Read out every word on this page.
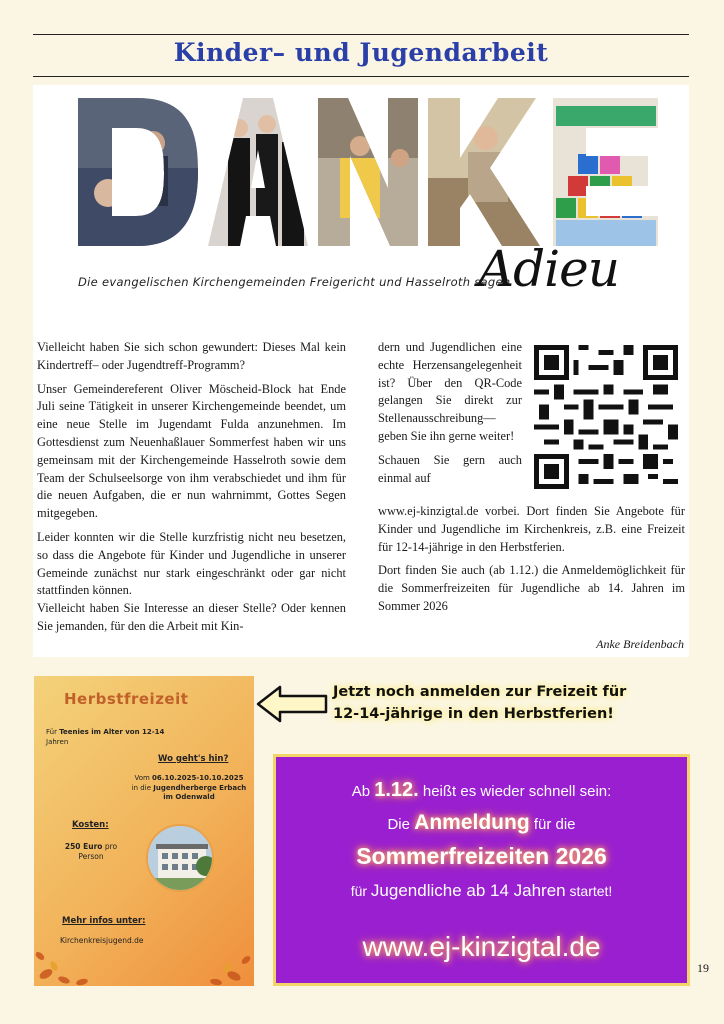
Kinder– und Jugendarbeit
Die evangelischen Kirchengemeinden Freigericht und Hasselroth sagen
Adieu

Vielleicht haben Sie sich schon gewundert: Dieses Mal kein Kindertreff– oder Jugendtreff-Programm?

Unser Gemeindereferent Oliver Möscheid-Block hat Ende Juli seine Tätigkeit in unserer Kirchengemeinde beendet, um eine neue Stelle im Jugendamt Fulda anzunehmen. Im Gottesdienst zum Neuenhaßlauer Sommerfest haben wir uns gemeinsam mit der Kirchengemeinde Hasselroth sowie dem Team der Schulseelsorge von ihm verabschiedet und ihm für die neuen Aufgaben, die er nun wahrnimmt, Gottes Segen mitgegeben.

Leider konnten wir die Stelle kurzfristig nicht neu besetzen, so dass die Angebote für Kinder und Jugendliche in unserer Gemeinde zunächst nur stark eingeschränkt oder gar nicht stattfinden können.

Vielleicht haben Sie Interesse an dieser Stelle? Oder kennen Sie jemanden, für den die Arbeit mit Kin-

dern und Jugendlichen eine echte Herzensangelegenheit ist? Über den QR-Code gelangen Sie direkt zur Stellenausschreibung—geben Sie ihn gerne weiter!

Schauen Sie gern auch einmal auf

www.ej-kinzigtal.de vorbei. Dort finden Sie Angebote für Kinder und Jugendliche im Kirchenkreis, z.B. eine Freizeit für 12-14-jährige in den Herbstferien.

Dort finden Sie auch (ab 1.12.) die Anmeldemöglichkeit für die Sommerfreizeiten für Jugendliche ab 14. Jahren im Sommer 2026

Anke Breidenbach
Herbstfreizeit
Für Teenies im Alter von 12-14 Jahren
Wo geht's hin?
Vom 06.10.2025-10.10.2025
in die Jugendherberge Erbach im Odenwald
Kosten:
250 Euro pro Person
Mehr infos unter:
Kirchenkreisjugend.de
Jetzt noch anmelden zur Freizeit für
12-14-jährige in den Herbstferien!
Ab 1.12. heißt es wieder schnell sein:
Die Anmeldung für die
Sommerfreizeiten 2026
für Jugendliche ab 14 Jahren startet!
www.ej-kinzigtal.de
19
